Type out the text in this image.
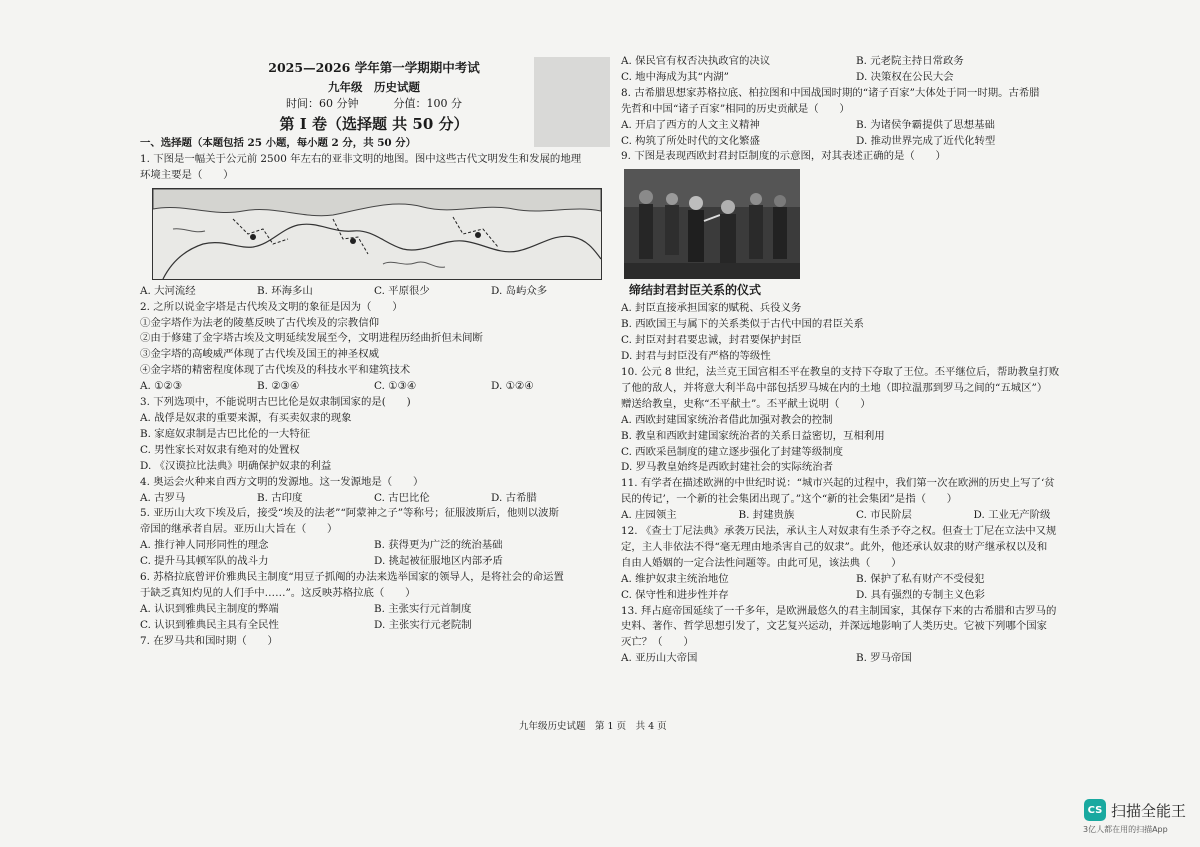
2025—2026 学年第一学期期中考试
九年级　历史试题
时间：60 分钟	分值：100 分
第 I 卷（选择题 共 50 分）
一、选择题（本题包括 25 小题，每小题 2 分，共 50 分）
1. 下图是一幅关于公元前 2500 年左右的亚非文明的地图。图中这些古代文明发生和发展的地理
环境主要是（　　）
A. 大河流经	B. 环海多山	C. 平原很少	D. 岛屿众多
2. 之所以说金字塔是古代埃及文明的象征是因为（　　）
①金字塔作为法老的陵墓反映了古代埃及的宗教信仰
②由于修建了金字塔古埃及文明延续发展至今，文明进程历经曲折但未间断
③金字塔的高峻威严体现了古代埃及国王的神圣权威
④金字塔的精密程度体现了古代埃及的科技水平和建筑技术
A. ①②③	B. ②③④	C. ①③④	D. ①②④
3. 下列选项中，不能说明古巴比伦是奴隶制国家的是(　　)
A. 战俘是奴隶的重要来源，有买卖奴隶的现象
B. 家庭奴隶制是古巴比伦的一大特征
C. 男性家长对奴隶有绝对的处置权
D. 《汉谟拉比法典》明确保护奴隶的利益
4. 奥运会火种来自西方文明的发源地。这一发源地是（　　）
A. 古罗马	B. 古印度	C. 古巴比伦	D. 古希腊
5. 亚历山大攻下埃及后，接受“埃及的法老”“阿蒙神之子”等称号；征服波斯后，他则以波斯
帝国的继承者自居。亚历山大旨在（　　）
A. 推行神人同形同性的理念	B. 获得更为广泛的统治基础
C. 提升马其顿军队的战斗力	D. 挑起被征服地区内部矛盾
6. 苏格拉底曾评价雅典民主制度“用豆子抓阄的办法来选举国家的领导人，是将社会的命运置
于缺乏真知灼见的人们手中……”。这反映苏格拉底（　　）
A. 认识到雅典民主制度的弊端	B. 主张实行元首制度
C. 认识到雅典民主具有全民性	D. 主张实行元老院制
7. 在罗马共和国时期（　　）
A. 保民官有权否决执政官的决议	B. 元老院主持日常政务
C. 地中海成为其“内湖”	D. 决策权在公民大会
8. 古希腊思想家苏格拉底、柏拉图和中国战国时期的“诸子百家”大体处于同一时期。古希腊
先哲和中国“诸子百家”相同的历史贡献是（　　）
A. 开启了西方的人文主义精神	B. 为诸侯争霸提供了思想基础
C. 构筑了所处时代的文化繁盛	D. 推动世界完成了近代化转型
9. 下图是表现西欧封君封臣制度的示意图，对其表述正确的是（　　）
缔结封君封臣关系的仪式
A. 封臣直接承担国家的赋税、兵役义务
B. 西欧国王与属下的关系类似于古代中国的君臣关系
C. 封臣对封君要忠诚，封君要保护封臣
D. 封君与封臣没有严格的等级性
10. 公元 8 世纪，法兰克王国宫相丕平在教皇的支持下夺取了王位。丕平继位后，帮助教皇打败
了他的敌人，并将意大利半岛中部包括罗马城在内的土地（即拉温那到罗马之间的“五城区”）
赠送给教皇，史称“丕平献土”。丕平献土说明（　　）
A. 西欧封建国家统治者借此加强对教会的控制
B. 教皇和西欧封建国家统治者的关系日益密切，互相利用
C. 西欧采邑制度的建立逐步强化了封建等级制度
D. 罗马教皇始终是西欧封建社会的实际统治者
11. 有学者在描述欧洲的中世纪时说：“城市兴起的过程中，我们第一次在欧洲的历史上写了‘贫
民的传记’，一个新的社会集团出现了。”这个“新的社会集团”是指（　　）
A. 庄园领主	B. 封建贵族	C. 市民阶层	D. 工业无产阶级
12. 《查士丁尼法典》承袭万民法，承认主人对奴隶有生杀予夺之权。但查士丁尼在立法中又规
定，主人非依法不得“毫无理由地杀害自己的奴隶”。此外，他还承认奴隶的财产继承权以及和
自由人婚姻的一定合法性问题等。由此可见，该法典（　　）
A. 维护奴隶主统治地位	B. 保护了私有财产不受侵犯
C. 保守性和进步性并存	D. 具有强烈的专制主义色彩
13. 拜占庭帝国延续了一千多年，是欧洲最悠久的君主制国家，其保存下来的古希腊和古罗马的
史料、著作、哲学思想引发了，文艺复兴运动，并深远地影响了人类历史。它被下列哪个国家
灭亡？（　　）
A. 亚历山大帝国	B. 罗马帝国
九年级历史试题　第 1 页　共 4 页
CS 扫描全能王
3亿人都在用的扫描App
